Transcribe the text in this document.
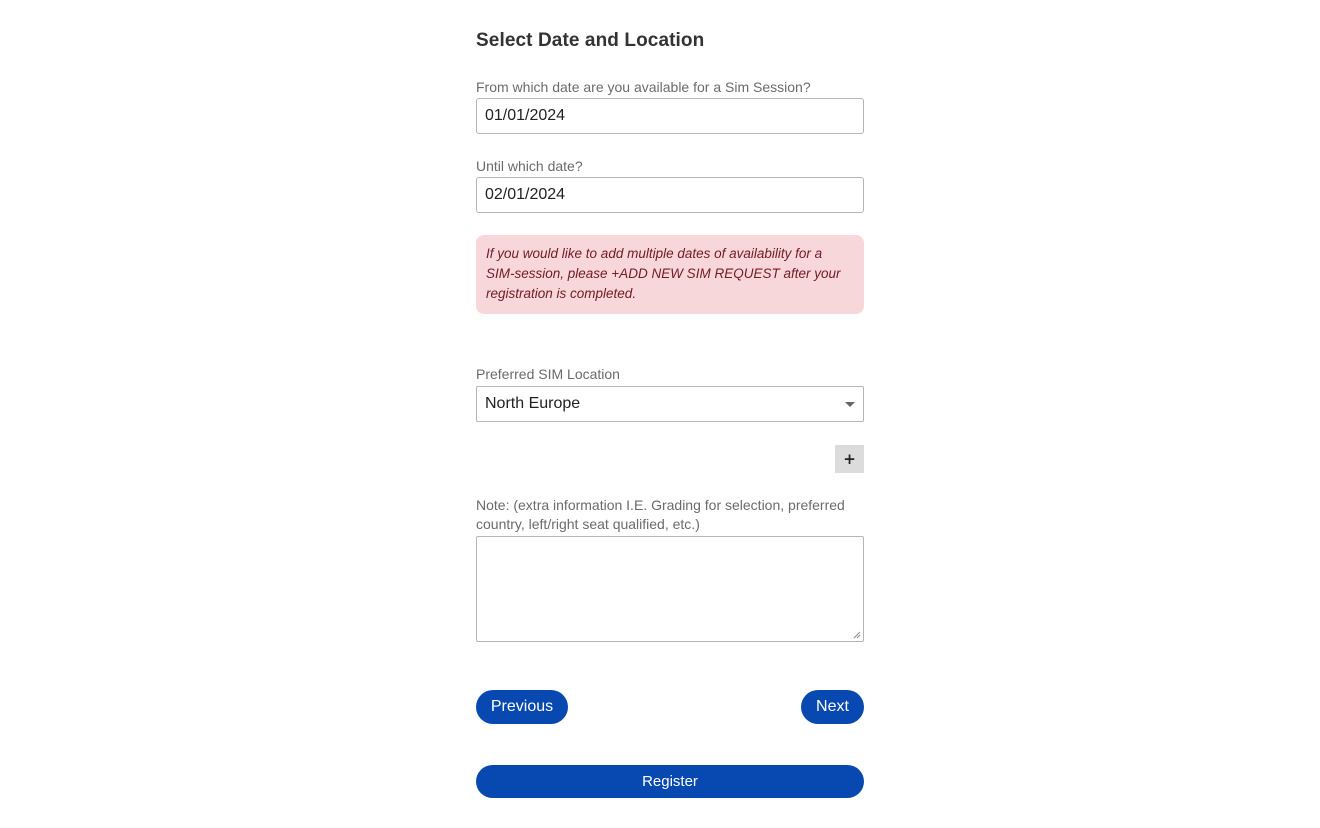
Select Date and Location
From which date are you available for a Sim Session?
01/01/2024
Until which date?
02/01/2024
If you would like to add multiple dates of availability for a SIM-session, please +ADD NEW SIM REQUEST after your registration is completed.
Preferred SIM Location
North Europe
+
Note: (extra information I.E. Grading for selection, preferred country, left/right seat qualified, etc.)
Previous	Next
Register
